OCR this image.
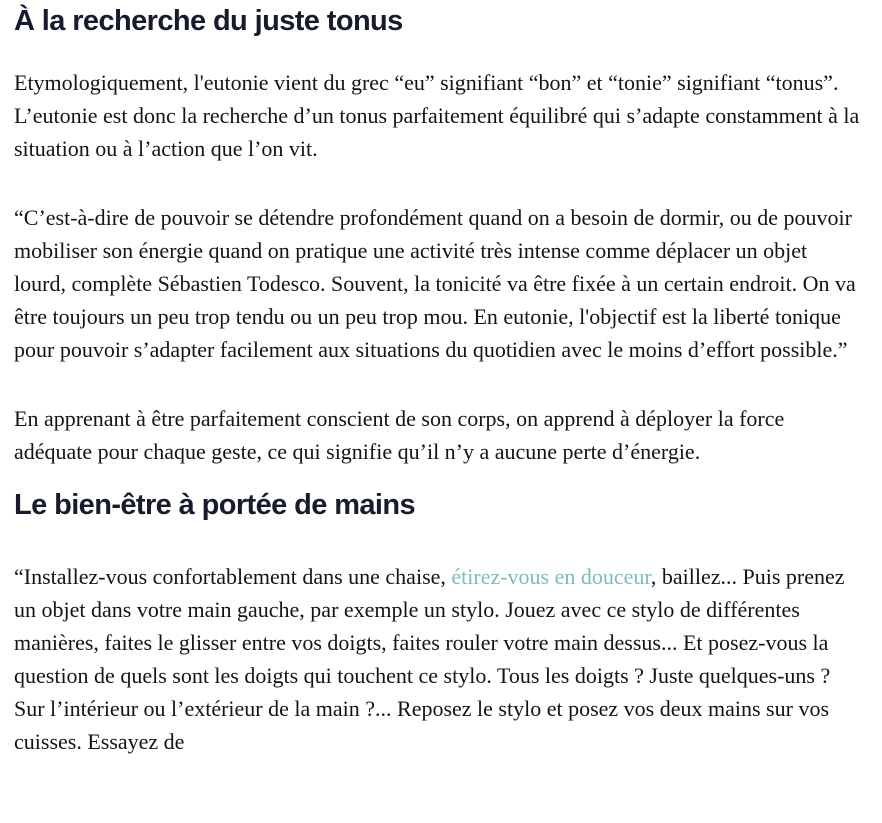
À la recherche du juste tonus

Etymologiquement, l'eutonie vient du grec “eu” signifiant “bon” et “tonie” signifiant “tonus”. L’eutonie est donc la recherche d’un tonus parfaitement équilibré qui s’adapte constamment à la situation ou à l’action que l’on vit.

“C’est-à-dire de pouvoir se détendre profondément quand on a besoin de dormir, ou de pouvoir mobiliser son énergie quand on pratique une activité très intense comme déplacer un objet lourd, complète Sébastien Todesco. Souvent, la tonicité va être fixée à un certain endroit. On va être toujours un peu trop tendu ou un peu trop mou. En eutonie, l'objectif est la liberté tonique pour pouvoir s’adapter facilement aux situations du quotidien avec le moins d’effort possible.”

En apprenant à être parfaitement conscient de son corps, on apprend à déployer la force adéquate pour chaque geste, ce qui signifie qu’il n’y a aucune perte d’énergie.

Le bien-être à portée de mains

“Installez-vous confortablement dans une chaise, étirez-vous en douceur, baillez... Puis prenez un objet dans votre main gauche, par exemple un stylo. Jouez avec ce stylo de différentes manières, faites le glisser entre vos doigts, faites rouler votre main dessus... Et posez-vous la question de quels sont les doigts qui touchent ce stylo. Tous les doigts ? Juste quelques-uns ? Sur l’intérieur ou l’extérieur de la main ?... Reposez le stylo et posez vos deux mains sur vos cuisses. Essayez de
